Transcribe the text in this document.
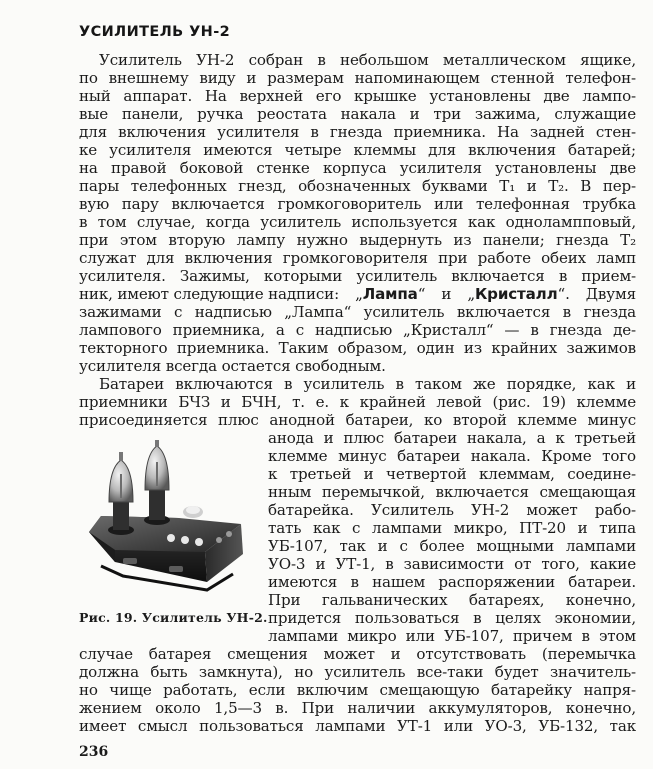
УСИЛИТЕЛЬ УН-2
Усилитель УН-2 собран в небольшом металлическом ящике,
по внешнему виду и размерам напоминающем стенной телефон-
ный аппарат. На верхней его крышке установлены две лампо-
вые панели, ручка реостата накала и три зажима, служащие
для включения усилителя в гнезда приемника. На задней стен-
ке усилителя имеются четыре клеммы для включения батарей;
на правой боковой стенке корпуса усилителя установлены две
пары телефонных гнезд, обозначенных буквами T₁ и T₂. В пер-
вую пару включается громкоговоритель или телефонная трубка
в том случае, когда усилитель используется как однолампповый,
при этом вторую лампу нужно выдернуть из панели; гнезда T₂
служат для включения громкоговорителя при работе обеих ламп
усилителя. Зажимы, которыми усилитель включается в прием-
ник, имеют следующие надписи: „Лампа“ и „Кристалл“. Двумя
зажимами с надписью „Лампа“ усилитель включается в гнезда
лампового приемника, а с надписью „Кристалл“ — в гнезда де-
текторного приемника. Таким образом, один из крайних зажимов
усилителя всегда остается свободным.
Батареи включаются в усилитель в таком же порядке, как и
приемники БЧЗ и БЧН, т. е. к крайней левой (рис. 19) клемме
присоединяется плюс анодной батареи, ко второй клемме минус
анода и плюс батареи накала, а к третьей
клемме минус батареи накала. Кроме того
к третьей и четвертой клеммам, соедине-
нным перемычкой, включается смещающая
батарейка. Усилитель УН-2 может рабо-
тать как с лампами микро, ПТ-20 и типа
УБ-107, так и с более мощными лампами
УО-3 и УТ-1, в зависимости от того, какие
имеются в нашем распоряжении батареи.
При гальванических батареях, конечно,
придется пользоваться в целях экономии,
лампами микро или УБ-107, причем в этом
случае батарея смещения может и отсутствовать (перемычка
должна быть замкнута), но усилитель все-таки будет значитель-
но чище работать, если включим смещающую батарейку напря-
жением около 1,5—3 в. При наличии аккумуляторов, конечно,
имеет смысл пользоваться лампами УТ-1 или УО-3, УБ-132, так
Рис. 19. Усилитель УН-2.
236
